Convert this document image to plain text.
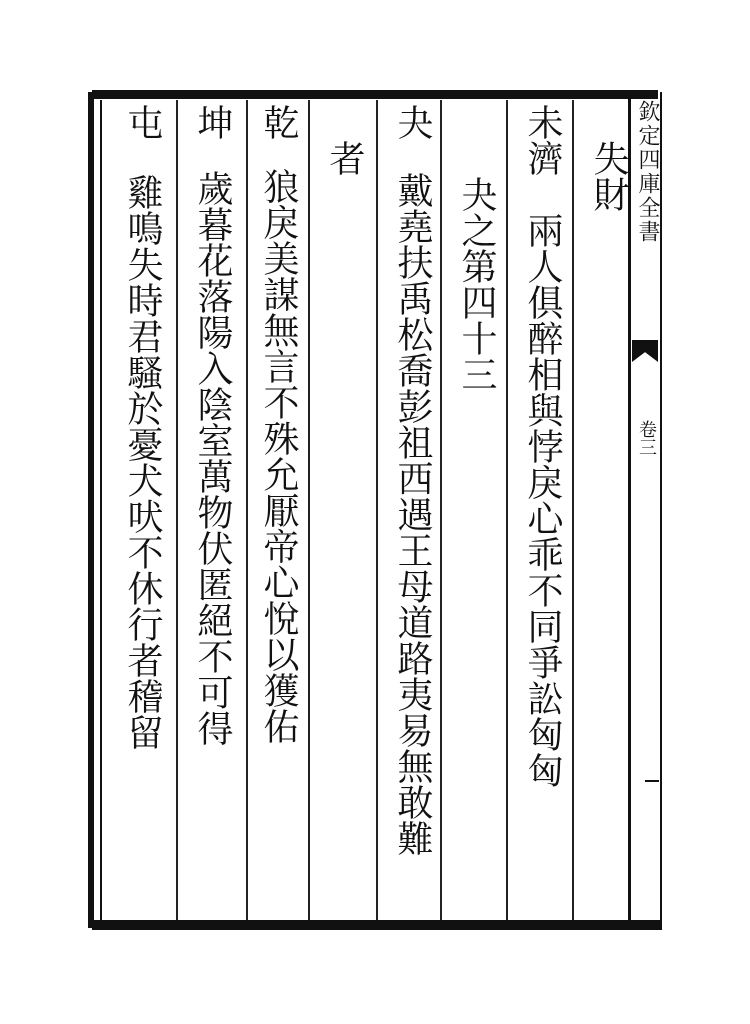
欽定四庫全書
卷三
失財
未濟兩人俱醉相與悖戾心乖不同爭訟匈匈
夬之第四十三
夬戴堯扶禹松喬彭祖西遇王母道路夷易無敢難
者
乾狼戾美謀無言不殊允厭帝心悅以獲佑
坤歲暮花落陽入陰室萬物伏匿絕不可得
屯雞鳴失時君騷於憂犬吠不休行者稽留
